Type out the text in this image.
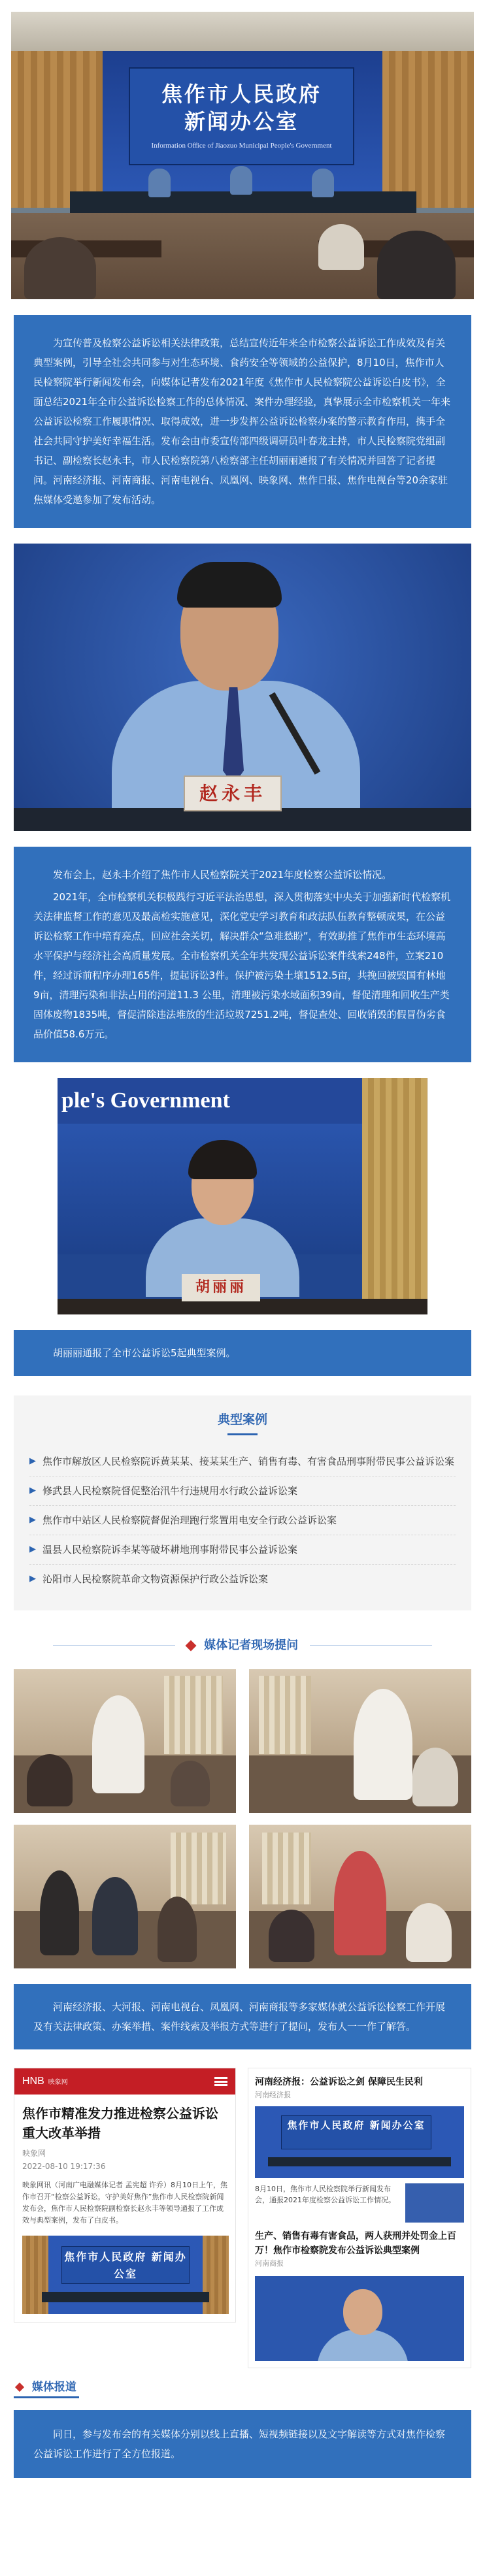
焦作市人民政府
新闻办公室
Information Office of Jiaozuo Municipal People's Government

为宣传普及检察公益诉讼相关法律政策，总结宣传近年来全市检察公益诉讼工作成效及有关典型案例，引导全社会共同参与对生态环境、食药安全等领域的公益保护，8月10日，焦作市人民检察院举行新闻发布会，向媒体记者发布2021年度《焦作市人民检察院公益诉讼白皮书》，全面总结2021年全市公益诉讼检察工作的总体情况、案件办理经验，真挚展示全市检察机关一年来公益诉讼检察工作履职情况、取得成效，进一步发挥公益诉讼检察办案的警示教育作用，携手全社会共同守护美好幸福生活。发布会由市委宣传部四级调研员叶春龙主持，市人民检察院党组副书记、副检察长赵永丰，市人民检察院第八检察部主任胡丽丽通报了有关情况并回答了记者提问。河南经济报、河南商报、河南电视台、凤凰网、映象网、焦作日报、焦作电视台等20余家驻焦媒体受邀参加了发布活动。

赵永丰

发布会上，赵永丰介绍了焦作市人民检察院关于2021年度检察公益诉讼情况。

2021年，全市检察机关积极践行习近平法治思想，深入贯彻落实中央关于加强新时代检察机关法律监督工作的意见及最高检实施意见，深化党史学习教育和政法队伍教育整顿成果，在公益诉讼检察工作中培育亮点，回应社会关切，解决群众“急难愁盼”，有效助推了焦作市生态环境高水平保护与经济社会高质量发展。全市检察机关全年共发现公益诉讼案件线索248件，立案210件，经过诉前程序办理165件，提起诉讼3件。保护被污染土壤1512.5亩，共挽回被毁国有林地9亩，清理污染和非法占用的河道11.3 公里，清理被污染水域面积39亩，督促清理和回收生产类固体废物1835吨，督促清除违法堆放的生活垃圾7251.2吨，督促查处、回收销毁的假冒伪劣食品价值58.6万元。

ple's Government
胡丽丽

胡丽丽通报了全市公益诉讼5起典型案例。

典型案例
▶ 焦作市解放区人民检察院诉黄某某、接某某生产、销售有毒、有害食品刑事附带民事公益诉讼案
▶ 修武县人民检察院督促整治汛牛行违规用水行政公益诉讼案
▶ 焦作市中站区人民检察院督促治理跑行浆置用电安全行政公益诉讼案
▶ 温县人民检察院诉李某等破坏耕地刑事附带民事公益诉讼案
▶ 沁阳市人民检察院革命文物资源保护行政公益诉讼案
媒体记者现场提问

河南经济报、大河报、河南电视台、凤凰网、河南商报等多家媒体就公益诉讼检察工作开展及有关法律政策、办案举措、案件线索及举报方式等进行了提问，发布人一一作了解答。

HNB 映象网
焦作市精准发力推进检察公益诉讼重大改革举措
映象网
2022-08-10 19:17:36
映象网讯（河南广电融媒体记者 孟宪超 许乔）8月10日上午，焦作市召开“检察公益诉讼，守护美好焦作”焦作市人民检察院新闻发布会，焦作市人民检察院副检察长赵永丰等领导通报了工作成效与典型案例，发布了白皮书。
焦作市人民政府 新闻办公室
河南经济报：公益诉讼之剑 保障民生民利
河南经济报
焦作市人民政府 新闻办公室
8月10日，焦作市人民检察院举行新闻发布会，通报2021年度检察公益诉讼工作情况。
生产、销售有毒有害食品，两人获刑并处罚金上百万！焦作市检察院发布公益诉讼典型案例
河南商报
媒体报道

同日，参与发布会的有关媒体分别以线上直播、短视频链接以及文字解读等方式对焦作检察公益诉讼工作进行了全方位报道。
